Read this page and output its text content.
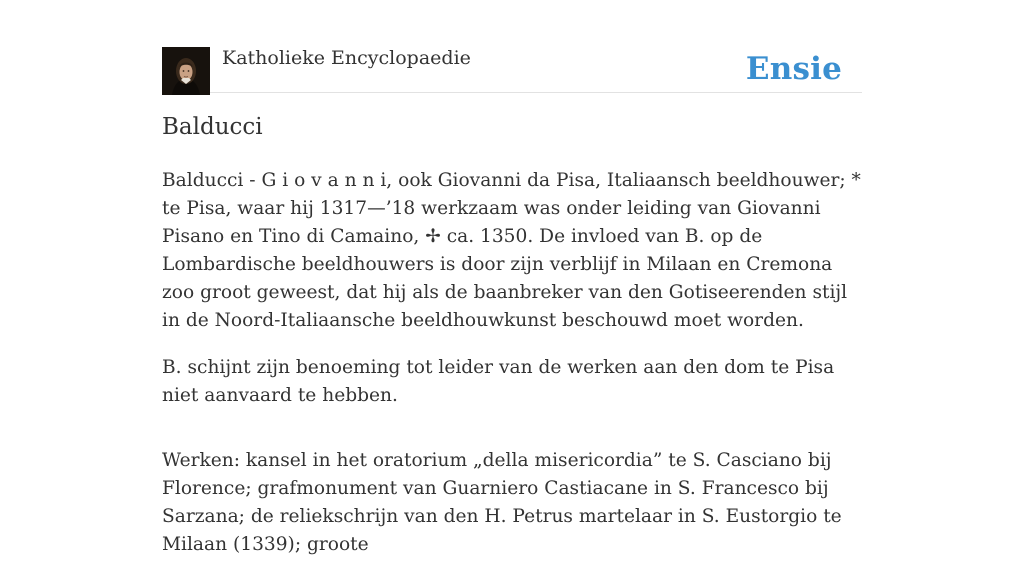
Katholieke Encyclopaedie	Ensie
Balducci

Balducci - G i o v a n n i, ook Giovanni da Pisa, Italiaansch beeldhouwer; * te Pisa, waar hij 1317—’18 werkzaam was onder leiding van Giovanni Pisano en Tino di Camaino, ✢ ca. 1350. De invloed van B. op de Lombardische beeldhouwers is door zijn verblijf in Milaan en Cremona zoo groot geweest, dat hij als de baanbreker van den Gotiseerenden stijl in de Noord-Italiaansche beeldhouwkunst beschouwd moet worden.

B. schijnt zijn benoeming tot leider van de werken aan den dom te Pisa niet aanvaard te hebben.

Werken: kansel in het oratorium „della misericordia” te S. Casciano bij Florence; grafmonument van Guarniero Castiacane in S. Francesco bij Sarzana; de reliekschrijn van den H. Petrus martelaar in S. Eustorgio te Milaan (1339); groote
